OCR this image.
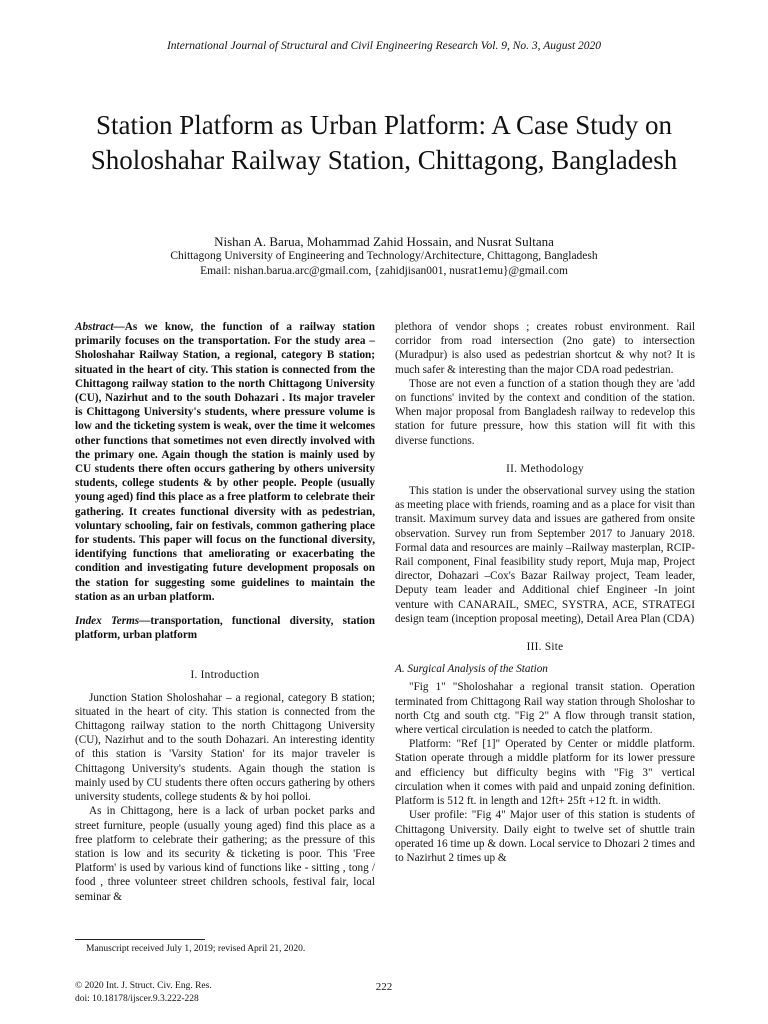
International Journal of Structural and Civil Engineering Research Vol. 9, No. 3, August 2020
Station Platform as Urban Platform: A Case Study on Sholoshahar Railway Station, Chittagong, Bangladesh
Nishan A. Barua, Mohammad Zahid Hossain, and Nusrat Sultana
Chittagong University of Engineering and Technology/Architecture, Chittagong, Bangladesh
Email: nishan.barua.arc@gmail.com, {zahidjisan001, nusrat1emu}@gmail.com

Abstract—As we know, the function of a railway station primarily focuses on the transportation. For the study area – Sholoshahar Railway Station, a regional, category B station; situated in the heart of city. This station is connected from the Chittagong railway station to the north Chittagong University (CU), Nazirhut and to the south Dohazari . Its major traveler is Chittagong University's students, where pressure volume is low and the ticketing system is weak, over the time it welcomes other functions that sometimes not even directly involved with the primary one. Again though the station is mainly used by CU students there often occurs gathering by others university students, college students & by other people. People (usually young aged) find this place as a free platform to celebrate their gathering. It creates functional diversity with as pedestrian, voluntary schooling, fair on festivals, common gathering place for students. This paper will focus on the functional diversity, identifying functions that ameliorating or exacerbating the condition and investigating future development proposals on the station for suggesting some guidelines to maintain the station as an urban platform.

Index Terms—transportation, functional diversity, station platform, urban platform

I. Introduction

Junction Station Sholoshahar – a regional, category B station; situated in the heart of city. This station is connected from the Chittagong railway station to the north Chittagong University (CU), Nazirhut and to the south Dohazari. An interesting identity of this station is 'Varsity Station' for its major traveler is Chittagong University's students. Again though the station is mainly used by CU students there often occurs gathering by others university students, college students & by hoi polloi.

As in Chittagong, here is a lack of urban pocket parks and street furniture, people (usually young aged) find this place as a free platform to celebrate their gathering; as the pressure of this station is low and its security & ticketing is poor. This 'Free Platform' is used by various kind of functions like - sitting , tong / food , three volunteer street children schools, festival fair, local seminar &

plethora of vendor shops ; creates robust environment. Rail corridor from road intersection (2no gate) to intersection (Muradpur) is also used as pedestrian shortcut & why not? It is much safer & interesting than the major CDA road pedestrian.

Those are not even a function of a station though they are 'add on functions' invited by the context and condition of the station. When major proposal from Bangladesh railway to redevelop this station for future pressure, how this station will fit with this diverse functions.

II. Methodology

This station is under the observational survey using the station as meeting place with friends, roaming and as a place for visit than transit. Maximum survey data and issues are gathered from onsite observation. Survey run from September 2017 to January 2018. Formal data and resources are mainly –Railway masterplan, RCIP- Rail component, Final feasibility study report, Muja map, Project director, Dohazari –Cox's Bazar Railway project, Team leader, Deputy team leader and Additional chief Engineer -In joint venture with CANARAIL, SMEC, SYSTRA, ACE, STRATEGI design team (inception proposal meeting), Detail Area Plan (CDA)

III. Site
A. Surgical Analysis of the Station

"Fig 1" "Sholoshahar a regional transit station. Operation terminated from Chittagong Rail way station through Sholoshar to north Ctg and south ctg. "Fig 2" A flow through transit station, where vertical circulation is needed to catch the platform.

Platform: "Ref [1]" Operated by Center or middle platform. Station operate through a middle platform for its lower pressure and efficiency but difficulty begins with "Fig 3" vertical circulation when it comes with paid and unpaid zoning definition. Platform is 512 ft. in length and 12ft+ 25ft +12 ft. in width.

User profile: "Fig 4" Major user of this station is students of Chittagong University. Daily eight to twelve set of shuttle train operated 16 time up & down. Local service to Dhozari 2 times and to Nazirhut 2 times up &

Manuscript received July 1, 2019; revised April 21, 2020.
© 2020 Int. J. Struct. Civ. Eng. Res.
doi: 10.18178/ijscer.9.3.222-228
222
